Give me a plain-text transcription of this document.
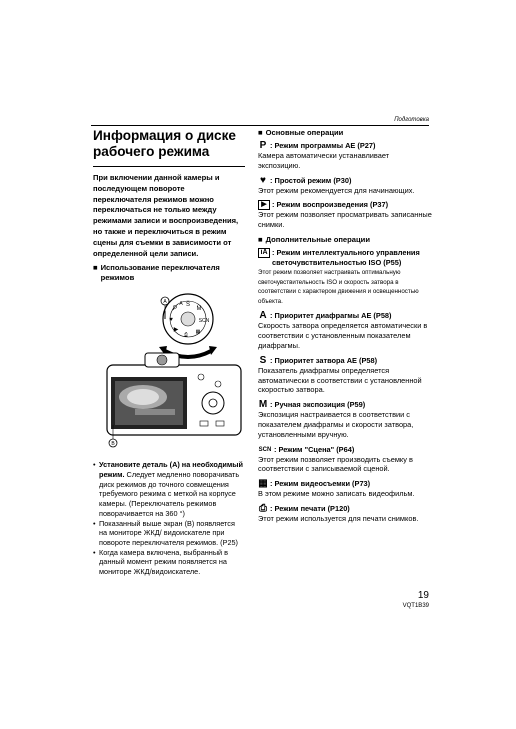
Подготовка
Информация о диске
рабочего режима
При включении данной камеры и последующем повороте переключателя режимов можно переключаться не только между режимами записи и воспроизведения, но также и переключиться в режим сцены для съемки в зависимости от определенной цели записи.
■ Использование переключателя режимов
S
M
SCN
▦
⎙
▶
♥
P
A
A
B
• Установите деталь (A) на необходимый режим. Следует медленно поворачивать диск режимов до точного совмещения требуемого режима с меткой на корпусе камеры. (Переключатель режимов поворачивается на 360 °)
• Показанный выше экран (B) появляется на мониторе ЖКД/ видоискателе при повороте переключателя режимов. (P25)
• Когда камера включена, выбранный в данный момент режим появляется на мониторе ЖКД/видоискателе.
■ Основные операции
P : Режим программы AE (P27)
Камера автоматически устанавливает экспозицию.
♥ : Простой режим (P30)
Этот режим рекомендуется для начинающих.
▶ : Режим воспроизведения (P37)
Этот режим позволяет просматривать записанные снимки.
■ Дополнительные операции
iA : Режим интеллектуального управления светочувствительностью ISO (P55)
Этот режим позволяет настраивать оптимальную светочувствительность ISO и скорость затвора в соответствии с характером движения и освещенностью объекта.
A : Приоритет диафрагмы AE (P58)
Скорость затвора определяется автоматически в соответствии с установленным показателем диафрагмы.
S : Приоритет затвора AE (P58)
Показатель диафрагмы определяется автоматически в соответствии с установленной скоростью затвора.
M : Ручная экспозиция (P59)
Экспозиция настраивается в соответствии с показателем диафрагмы и скорости затвора, установленными вручную.
SCN : Режим "Сцена" (P64)
Этот режим позволяет производить съемку в соответствии с записываемой сценой.
▦ : Режим видеосъемки (P73)
В этом режиме можно записать видеофильм.
⎙ : Режим печати (P120)
Этот режим используется для печати снимков.
19
VQT1B39
